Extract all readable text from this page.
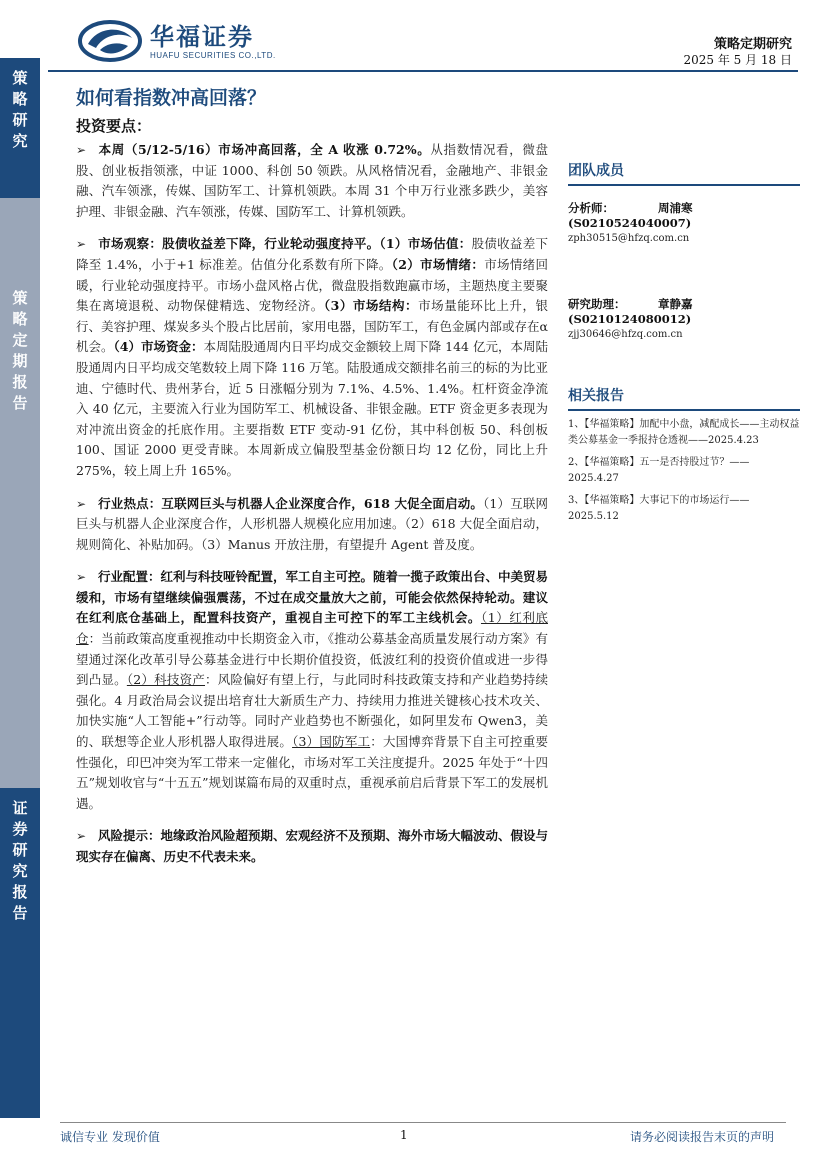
策
略
研
究
策
略
定
期
报
告
证
券
研
究
报
告
华福证券
HUAFU SECURITIES CO.,LTD.
策略定期研究
2025 年 5 月 18 日
如何看指数冲高回落？
投资要点：

➢ 本周（5/12-5/16）市场冲高回落，全 A 收涨 0.72%。从指数情况看，微盘股、创业板指领涨，中证 1000、科创 50 领跌。从风格情况看，金融地产、非银金融、汽车领涨，传媒、国防军工、计算机领跌。本周 31 个申万行业涨多跌少，美容护理、非银金融、汽车领涨，传媒、国防军工、计算机领跌。

➢ 市场观察：股债收益差下降，行业轮动强度持平。（1）市场估值：股债收益差下降至 1.4%，小于+1 标准差。估值分化系数有所下降。（2）市场情绪：市场情绪回暖，行业轮动强度持平。市场小盘风格占优，微盘股指数跑赢市场，主题热度主要聚集在离境退税、动物保健精选、宠物经济。（3）市场结构：市场量能环比上升，银行、美容护理、煤炭多头个股占比居前，家用电器，国防军工，有色金属内部或存在α机会。（4）市场资金：本周陆股通周内日平均成交金额较上周下降 144 亿元，本周陆股通周内日平均成交笔数较上周下降 116 万笔。陆股通成交额排名前三的标的为比亚迪、宁德时代、贵州茅台，近 5 日涨幅分别为 7.1%、4.5%、1.4%。杠杆资金净流入 40 亿元，主要流入行业为国防军工、机械设备、非银金融。ETF 资金更多表现为对冲流出资金的托底作用。主要指数 ETF 变动-91 亿份，其中科创板 50、科创板 100、国证 2000 更受青睐。本周新成立偏股型基金份额日均 12 亿份，同比上升 275%，较上周上升 165%。

➢ 行业热点：互联网巨头与机器人企业深度合作，618 大促全面启动。（1）互联网巨头与机器人企业深度合作，人形机器人规模化应用加速。（2）618 大促全面启动，规则简化、补贴加码。（3）Manus 开放注册，有望提升 Agent 普及度。

➢ 行业配置：红利与科技哑铃配置，军工自主可控。随着一揽子政策出台、中美贸易缓和，市场有望继续偏强震荡，不过在成交量放大之前，可能会依然保持轮动。建议在红利底仓基础上，配置科技资产，重视自主可控下的军工主线机会。（1）红利底仓：当前政策高度重视推动中长期资金入市，《推动公募基金高质量发展行动方案》有望通过深化改革引导公募基金进行中长期价值投资，低波红利的投资价值或进一步得到凸显。（2）科技资产：风险偏好有望上行，与此同时科技政策支持和产业趋势持续强化。4 月政治局会议提出培育壮大新质生产力、持续用力推进关键核心技术攻关、加快实施“人工智能+”行动等。同时产业趋势也不断强化，如阿里发布 Qwen3，美的、联想等企业人形机器人取得进展。（3）国防军工：大国博弈背景下自主可控重要性强化，印巴冲突为军工带来一定催化，市场对军工关注度提升。2025 年处于“十四五”规划收官与“十五五”规划谋篇布局的双重时点，重视承前启后背景下军工的发展机遇。

➢ 风险提示：地缘政治风险超预期、宏观经济不及预期、海外市场大幅波动、假设与现实存在偏离、历史不代表未来。

团队成员
分析师：	周浦寒(S0210524040007)
zph30515@hfzq.com.cn
研究助理：	章静嘉(S0210124080012)
zjj30646@hfzq.com.cn
相关报告
1、【华福策略】加配中小盘，减配成长——主动权益类公募基金一季报持仓透视——2025.4.23
2、【华福策略】五一是否持股过节？——2025.4.27
3、【华福策略】大事记下的市场运行——2025.5.12
诚信专业 发现价值	1	请务必阅读报告末页的声明
